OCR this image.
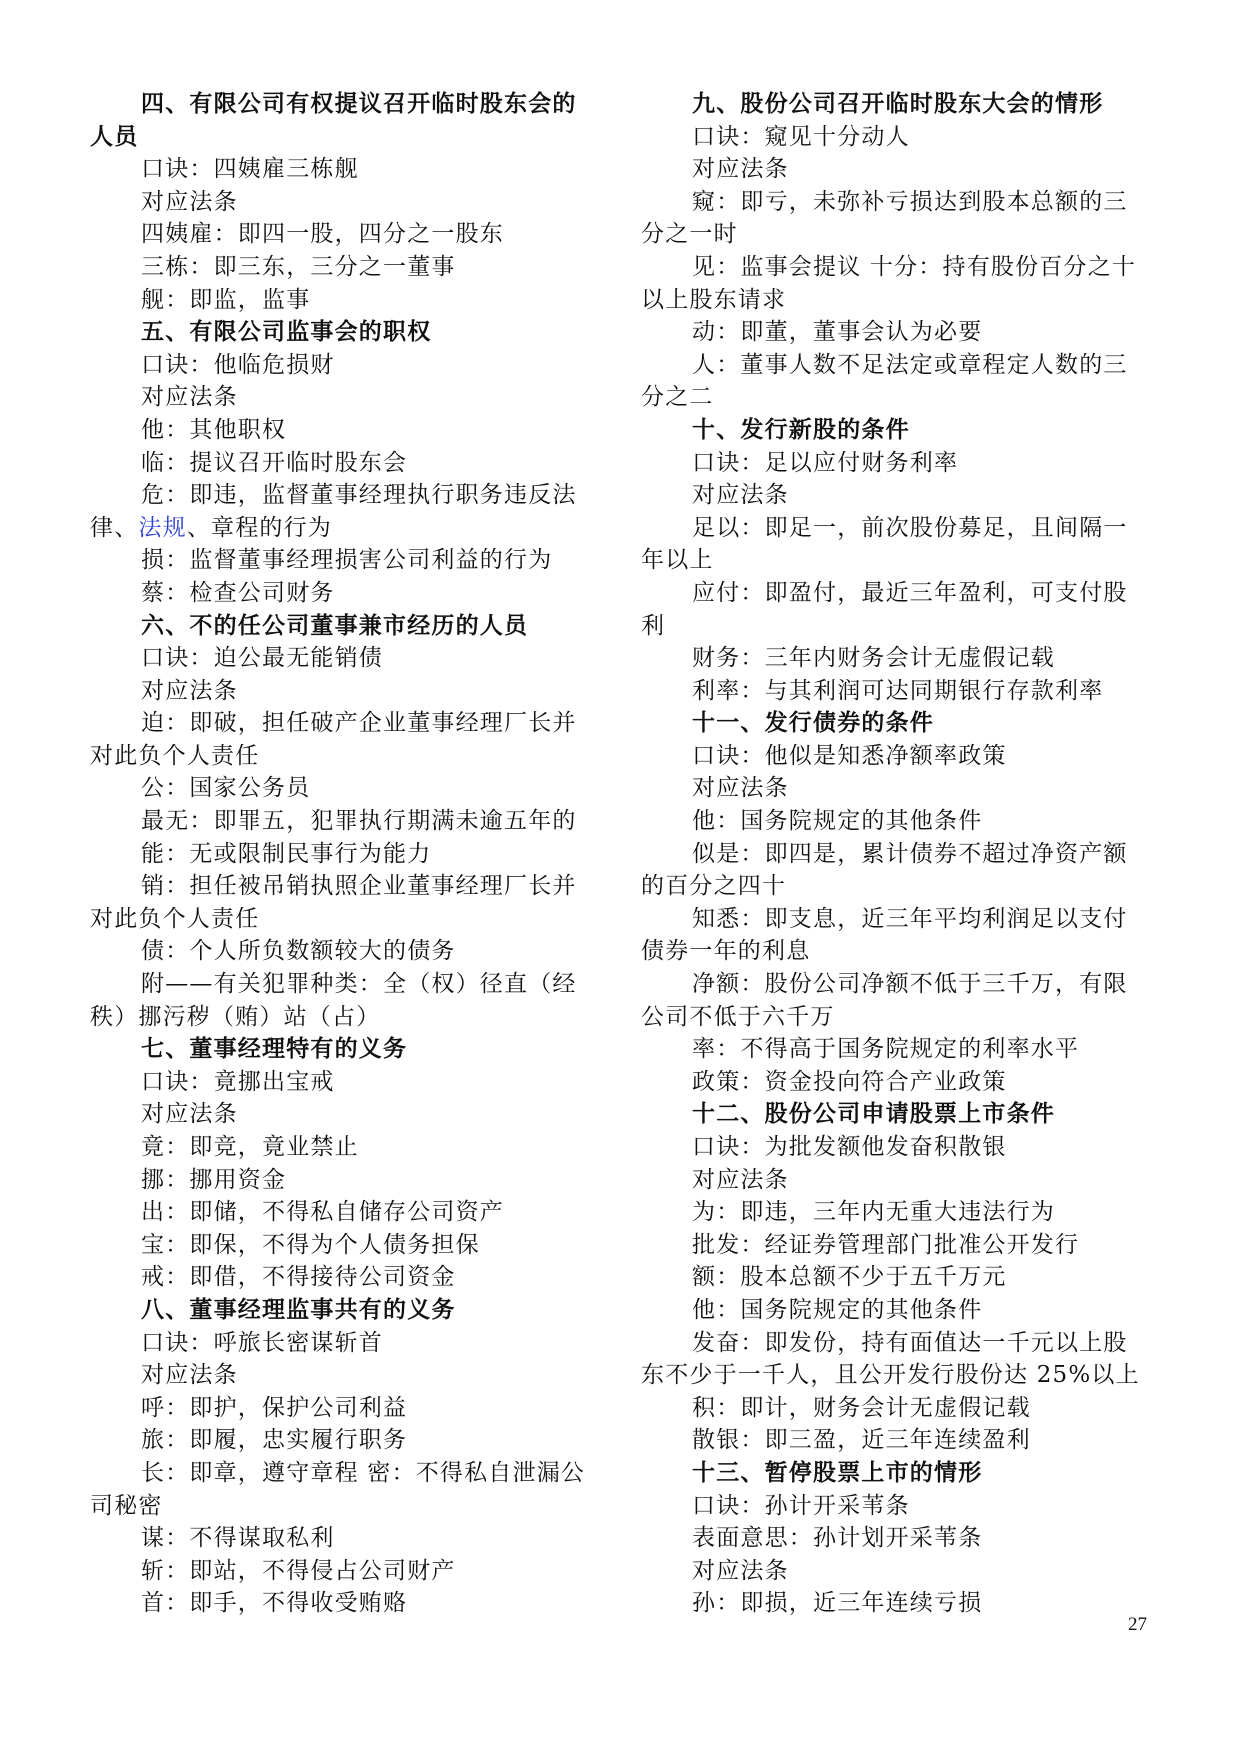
四、有限公司有权提议召开临时股东会的
人员
口诀：四姨雇三栋舰
对应法条
四姨雇：即四一股，四分之一股东
三栋：即三东，三分之一董事
舰：即监，监事
五、有限公司监事会的职权
口诀：他临危损财
对应法条
他：其他职权
临：提议召开临时股东会
危：即违，监督董事经理执行职务违反法
律、法规、章程的行为
损：监督董事经理损害公司利益的行为
蔡：检查公司财务
六、不的任公司董事兼市经历的人员
口诀：迫公最无能销债
对应法条
迫：即破，担任破产企业董事经理厂长并
对此负个人责任
公：国家公务员
最无：即罪五，犯罪执行期满未逾五年的
能：无或限制民事行为能力
销：担任被吊销执照企业董事经理厂长并
对此负个人责任
债：个人所负数额较大的债务
附——有关犯罪种类：全（权）径直（经
秩）挪污秽（贿）站（占）
七、董事经理特有的义务
口诀：竟挪出宝戒
对应法条
竟：即竞，竟业禁止
挪：挪用资金
出：即储，不得私自储存公司资产
宝：即保，不得为个人债务担保
戒：即借，不得接待公司资金
八、董事经理监事共有的义务
口诀：呼旅长密谋斩首
对应法条
呼：即护，保护公司利益
旅：即履，忠实履行职务
长：即章，遵守章程 密：不得私自泄漏公
司秘密
谋：不得谋取私利
斩：即站，不得侵占公司财产
首：即手，不得收受贿赂
九、股份公司召开临时股东大会的情形
口诀：窥见十分动人
对应法条
窥：即亏，未弥补亏损达到股本总额的三
分之一时
见：监事会提议 十分：持有股份百分之十
以上股东请求
动：即董，董事会认为必要
人：董事人数不足法定或章程定人数的三
分之二
十、发行新股的条件
口诀：足以应付财务利率
对应法条
足以：即足一，前次股份募足，且间隔一
年以上
应付：即盈付，最近三年盈利，可支付股
利
财务：三年内财务会计无虚假记载
利率：与其利润可达同期银行存款利率
十一、发行债券的条件
口诀：他似是知悉净额率政策
对应法条
他：国务院规定的其他条件
似是：即四是，累计债券不超过净资产额
的百分之四十
知悉：即支息，近三年平均利润足以支付
债券一年的利息
净额：股份公司净额不低于三千万，有限
公司不低于六千万
率：不得高于国务院规定的利率水平
政策：资金投向符合产业政策
十二、股份公司申请股票上市条件
口诀：为批发额他发奋积散银
对应法条
为：即违，三年内无重大违法行为
批发：经证券管理部门批准公开发行
额：股本总额不少于五千万元
他：国务院规定的其他条件
发奋：即发份，持有面值达一千元以上股
东不少于一千人，且公开发行股份达 25%以上
积：即计，财务会计无虚假记载
散银：即三盈，近三年连续盈利
十三、暂停股票上市的情形
口诀：孙计开采苇条
表面意思：孙计划开采苇条
对应法条
孙：即损，近三年连续亏损
27
